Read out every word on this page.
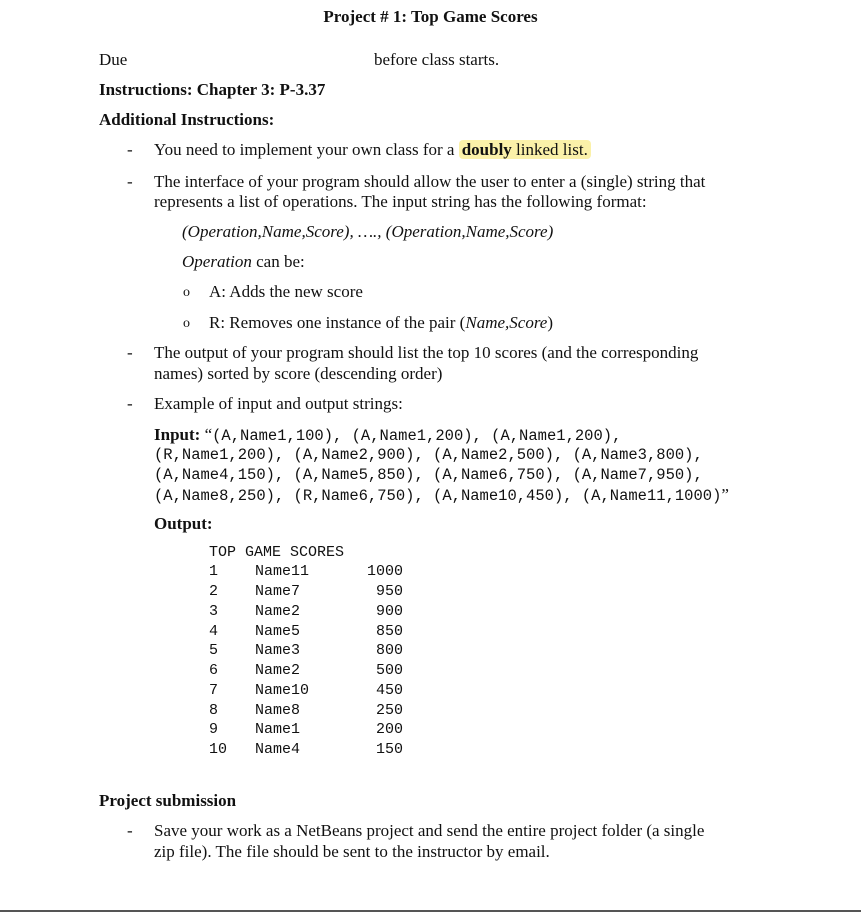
Project # 1: Top Game Scores
Due	before class starts.
Instructions: Chapter 3: P-3.37
Additional Instructions:
- You need to implement your own class for a doubly linked list.
- The interface of your program should allow the user to enter a (single) string that
represents a list of operations. The input string has the following format:
(Operation,Name,Score), …., (Operation,Name,Score)
Operation can be:
o A: Adds the new score
o R: Removes one instance of the pair (Name,Score)
- The output of your program should list the top 10 scores (and the corresponding
names) sorted by score (descending order)
- Example of input and output strings:
Input: “(A,Name1,100), (A,Name1,200), (A,Name1,200),
(R,Name1,200), (A,Name2,900), (A,Name2,500), (A,Name3,800),
(A,Name4,150), (A,Name5,850), (A,Name6,750), (A,Name7,950),
(A,Name8,250), (R,Name6,750), (A,Name10,450), (A,Name11,1000)”
Output:
TOP GAME SCORES
1 Name11	1000
2 Name7	950
3 Name2	900
4 Name5	850
5 Name3	800
6 Name2	500
7 Name10	450
8 Name8	250
9 Name1	200
10 Name4	150
Project submission
- Save your work as a NetBeans project and send the entire project folder (a single
zip file). The file should be sent to the instructor by email.
